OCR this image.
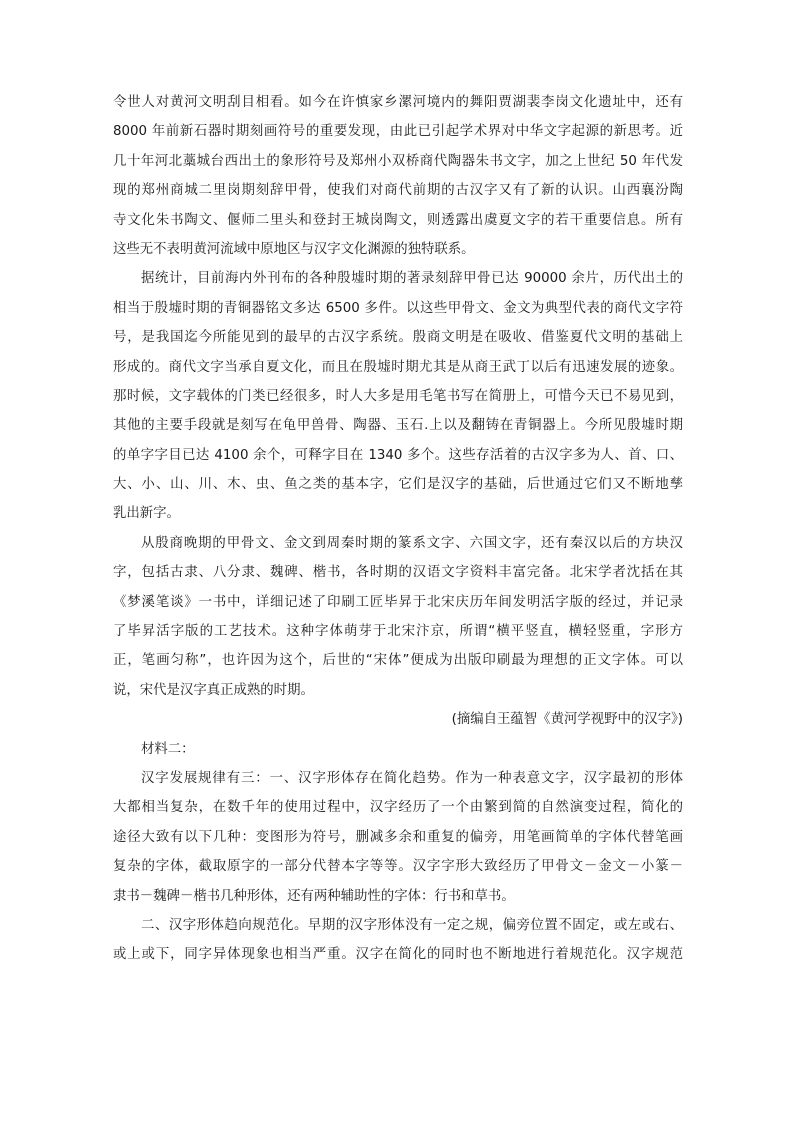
令世人对黄河文明刮目相看。如今在许慎家乡漯河境内的舞阳贾湖裴李岗文化遗址中，还有
8000 年前新石器时期刻画符号的重要发现，由此已引起学术界对中华文字起源的新思考。近
几十年河北藁城台西出土的象形符号及郑州小双桥商代陶器朱书文字，加之上世纪 50 年代发
现的郑州商城二里岗期刻辞甲骨，使我们对商代前期的古汉字又有了新的认识。山西襄汾陶
寺文化朱书陶文、偃师二里头和登封王城岗陶文，则透露出虞夏文字的若干重要信息。所有
这些无不表明黄河流域中原地区与汉字文化渊源的独特联系。
据统计，目前海内外刊布的各种殷墟时期的著录刻辞甲骨已达 90000 余片，历代出土的
相当于殷墟时期的青铜器铭文多达 6500 多件。以这些甲骨文、金文为典型代表的商代文字符
号，是我国迄今所能见到的最早的古汉字系统。殷商文明是在吸收、借鉴夏代文明的基础上
形成的。商代文字当承自夏文化，而且在殷墟时期尤其是从商王武丁以后有迅速发展的迹象。
那时候，文字载体的门类已经很多，时人大多是用毛笔书写在简册上，可惜今天已不易见到，
其他的主要手段就是刻写在龟甲兽骨、陶器、玉石.上以及翻铸在青铜器上。今所见殷墟时期
的单字字目已达 4100 余个，可释字目在 1340 多个。这些存活着的古汉字多为人、首、口、
大、小、山、川、木、虫、鱼之类的基本字，它们是汉字的基础，后世通过它们又不断地孳
乳出新字。
从殷商晚期的甲骨文、金文到周秦时期的篆系文字、六国文字，还有秦汉以后的方块汉
字，包括古隶、八分隶、魏碑、楷书，各时期的汉语文字资料丰富完备。北宋学者沈括在其
《梦溪笔谈》一书中，详细记述了印刷工匠毕昇于北宋庆历年间发明活字版的经过，并记录
了毕昇活字版的工艺技术。这种字体萌芽于北宋汴京，所谓“横平竖直，横轻竖重，字形方
正，笔画匀称”，也许因为这个，后世的“宋体”便成为出版印刷最为理想的正文字体。可以
说，宋代是汉字真正成熟的时期。
(摘编自王蕴智《黄河学视野中的汉字》)
材料二：
汉字发展规律有三：一、汉字形体存在简化趋势。作为一种表意文字，汉字最初的形体
大都相当复杂，在数千年的使用过程中，汉字经历了一个由繁到简的自然演变过程，简化的
途径大致有以下几种：变图形为符号，删减多余和重复的偏旁，用笔画简单的字体代替笔画
复杂的字体，截取原字的一部分代替本字等等。汉字字形大致经历了甲骨文－金文－小篆－
隶书－魏碑－楷书几种形体，还有两种辅助性的字体：行书和草书。
二、汉字形体趋向规范化。早期的汉字形体没有一定之规，偏旁位置不固定，或左或右、
或上或下，同字异体现象也相当严重。汉字在简化的同时也不断地进行着规范化。汉字规范
